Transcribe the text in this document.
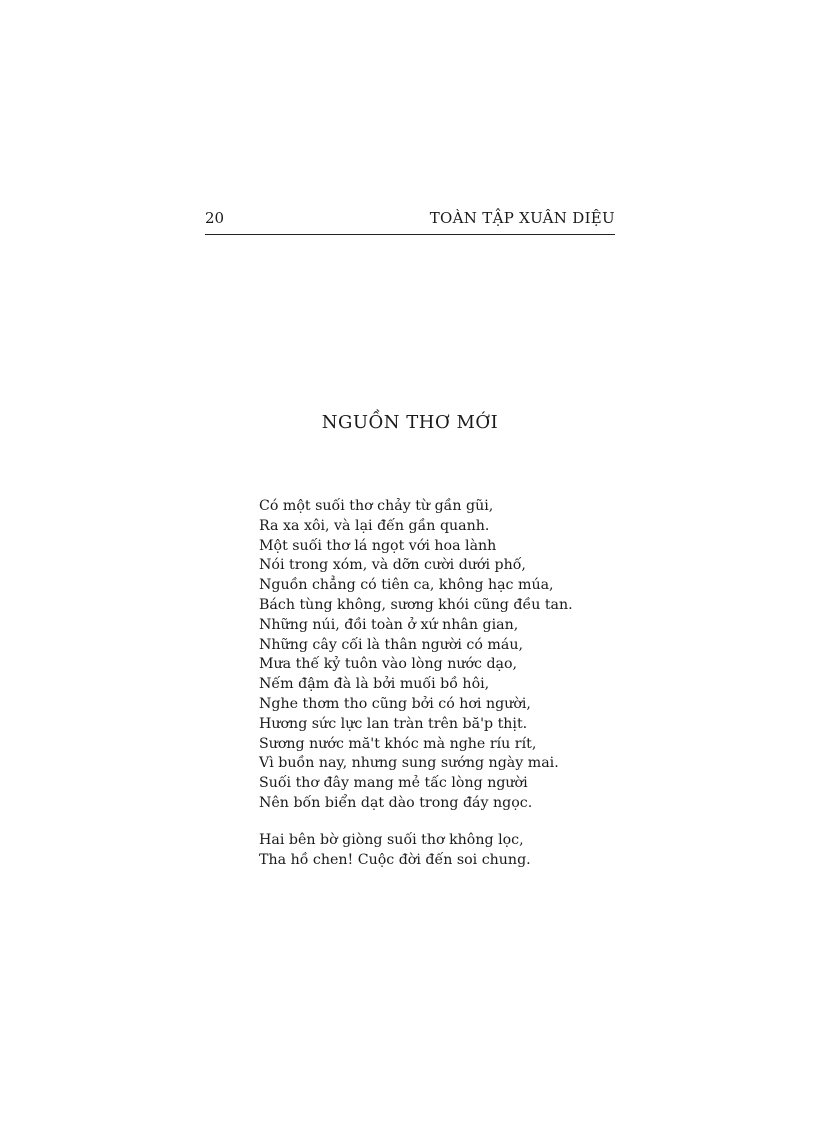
20	TOÀN TẬP XUÂN DIỆU
NGUỒN THƠ MỚI
Có một suối thơ chảy từ gần gũi,
Ra xa xôi, và lại đến gần quanh.
Một suối thơ lá ngọt với hoa lành
Nói trong xóm, và dỡn cười dưới phố,
Nguồn chẳng có tiên ca, không hạc múa,
Bách tùng không, sương khói cũng đều tan.
Những núi, đồi toàn ở xứ nhân gian,
Những cây cối là thân người có máu,
Mưa thế kỷ tuôn vào lòng nước dạo,
Nếm đậm đà là bởi muối bồ hôi,
Nghe thơm tho cũng bởi có hơi người,
Hương sức lực lan tràn trên bă'p thịt.
Sương nước mă't khóc mà nghe ríu rít,
Vì buồn nay, nhưng sung sướng ngày mai.
Suối thơ đây mang mẻ tấc lòng người
Nên bốn biển dạt dào trong đáy ngọc.
Hai bên bờ giòng suối thơ không lọc,
Tha hồ chen! Cuộc đời đến soi chung.
